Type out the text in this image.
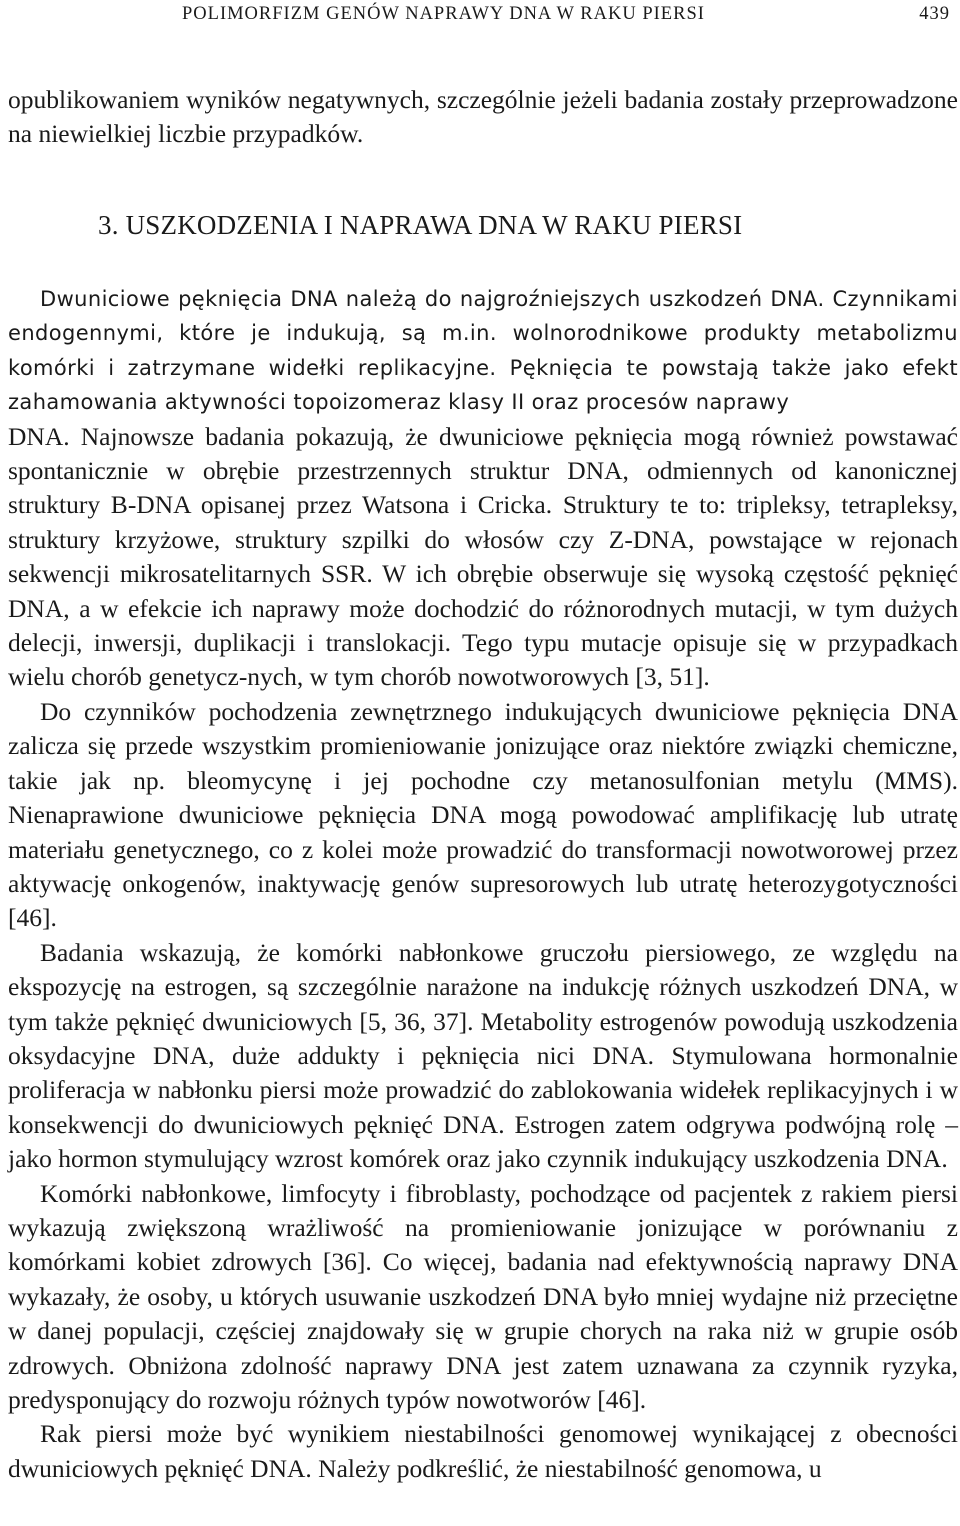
POLIMORFIZM GENÓW NAPRAWY DNA W RAKU PIERSI	439

opublikowaniem wyników negatywnych, szczególnie jeżeli badania zostały przeprowadzone na niewielkiej liczbie przypadków.

3. USZKODZENIA I NAPRAWA DNA W RAKU PIERSI

Dwuniciowe pęknięcia DNA należą do najgroźniejszych uszkodzeń DNA. Czynnikami endogennymi, które je indukują, są m.in. wolnorodnikowe produkty metabolizmu komórki i zatrzymane widełki replikacyjne. Pęknięcia te powstają także jako efekt zahamowania aktywności topoizomeraz klasy II oraz procesów naprawy

DNA. Najnowsze badania pokazują, że dwuniciowe pęknięcia mogą również powstawać spontanicznie w obrębie przestrzennych struktur DNA, odmiennych od kanonicznej struktury B-DNA opisanej przez Watsona i Cricka. Struktury te to: tripleksy, tetrapleksy, struktury krzyżowe, struktury szpilki do włosów czy Z-DNA, powstające w rejonach sekwencji mikrosatelitarnych SSR. W ich obrębie obserwuje się wysoką częstość pęknięć DNA, a w efekcie ich naprawy może dochodzić do różnorodnych mutacji, w tym dużych delecji, inwersji, duplikacji i translokacji. Tego typu mutacje opisuje się w przypadkach wielu chorób genetycz-nych, w tym chorób nowotworowych [3, 51].

Do czynników pochodzenia zewnętrznego indukujących dwuniciowe pęknięcia DNA zalicza się przede wszystkim promieniowanie jonizujące oraz niektóre związki chemiczne, takie jak np. bleomycynę i jej pochodne czy metanosulfonian metylu (MMS). Nienaprawione dwuniciowe pęknięcia DNA mogą powodować amplifikację lub utratę materiału genetycznego, co z kolei może prowadzić do transformacji nowotworowej przez aktywację onkogenów, inaktywację genów supresorowych lub utratę heterozygotyczności [46].

Badania wskazują, że komórki nabłonkowe gruczołu piersiowego, ze względu na ekspozycję na estrogen, są szczególnie narażone na indukcję różnych uszkodzeń DNA, w tym także pęknięć dwuniciowych [5, 36, 37]. Metabolity estrogenów powodują uszkodzenia oksydacyjne DNA, duże addukty i pęknięcia nici DNA. Stymulowana hormonalnie proliferacja w nabłonku piersi może prowadzić do zablokowania widełek replikacyjnych i w konsekwencji do dwuniciowych pęknięć DNA. Estrogen zatem odgrywa podwójną rolę – jako hormon stymulujący wzrost komórek oraz jako czynnik indukujący uszkodzenia DNA.

Komórki nabłonkowe, limfocyty i fibroblasty, pochodzące od pacjentek z rakiem piersi wykazują zwiększoną wrażliwość na promieniowanie jonizujące w porównaniu z komórkami kobiet zdrowych [36]. Co więcej, badania nad efektywnością naprawy DNA wykazały, że osoby, u których usuwanie uszkodzeń DNA było mniej wydajne niż przeciętne w danej populacji, częściej znajdowały się w grupie chorych na raka niż w grupie osób zdrowych. Obniżona zdolność naprawy DNA jest zatem uznawana za czynnik ryzyka, predysponujący do rozwoju różnych typów nowotworów [46].

Rak piersi może być wynikiem niestabilności genomowej wynikającej z obecności dwuniciowych pęknięć DNA. Należy podkreślić, że niestabilność genomowa, u
